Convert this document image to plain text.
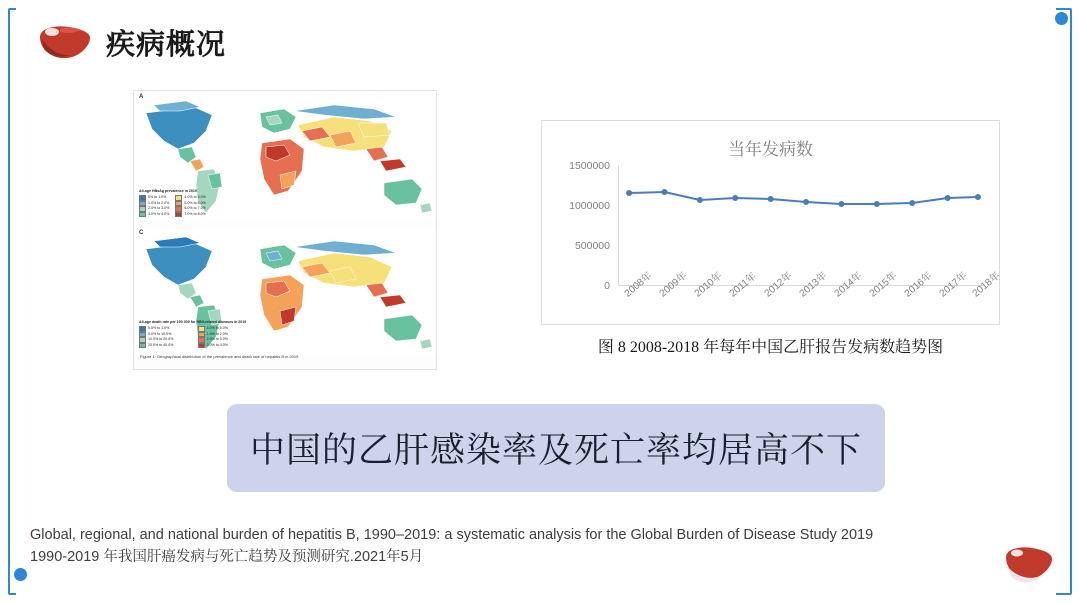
疾病概况
A
All-age HBsAg prevalence in 2019
0% to 1.0%	4.0% to 5.0%
1.0% to 2.0%	5.0% to 6.0%
2.0% to 3.0%	6.0% to 7.0%
3.0% to 4.0%	7.0% to 8.0%
C
All-age death rate per 100 000 for HBV-related diseases in 2019
0.0% to 1.0%	4.0% to 5.0%
5.0% to 10.0%	1.0% to 2.0%
10.0% to 20.0%	2.0% to 3.0%
20.0% to 40.0%	3.0% to 4.0%
Figure 1: Geographical distribution of the prevalence and death rate of hepatitis B in 2019
当年发病数
1500000
1000000
500000
0 2008年 2009年 2010年 2011年 2012年 2013年 2014年 2015年 2016年 2017年 2018年
图 8 2008-2018 年每年中国乙肝报告发病数趋势图
中国的乙肝感染率及死亡率均居高不下
Global, regional, and national burden of hepatitis B, 1990–2019: a systematic analysis for the Global Burden of Disease Study 2019
1990-2019 年我国肝癌发病与死亡趋势及预测研究.2021年5月
